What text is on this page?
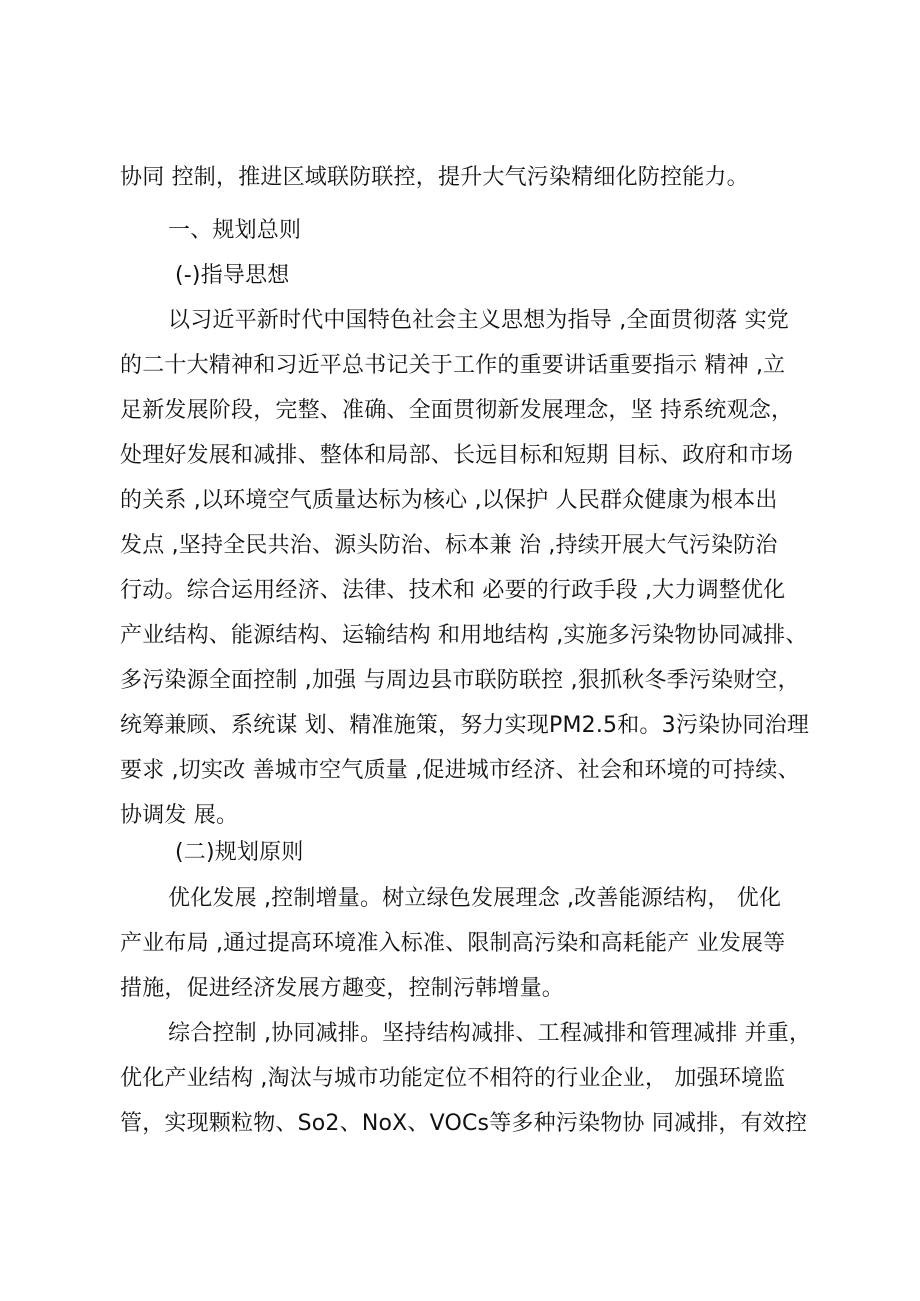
协同 控制，推进区域联防联控，提升大气污染精细化防控能力。
一、规划总则
(-)指导思想
以习近平新时代中国特色社会主义思想为指导 ,全面贯彻落 实党
的二十大精神和习近平总书记关于工作的重要讲话重要指示 精神 ,立
足新发展阶段，完整、准确、全面贯彻新发展理念，坚 持系统观念，
处理好发展和减排、整体和局部、长远目标和短期 目标、政府和市场
的关系 ,以环境空气质量达标为核心 ,以保护 人民群众健康为根本出
发点 ,坚持全民共治、源头防治、标本兼 治 ,持续开展大气污染防治
行动。综合运用经济、法律、技术和 必要的行政手段 ,大力调整优化
产业结构、能源结构、运输结构 和用地结构 ,实施多污染物协同减排、
多污染源全面控制 ,加强 与周边县市联防联控 ,狠抓秋冬季污染财空，
统筹兼顾、系统谋 划、精准施策，努力实现PM2.5和。3污染协同治理
要求 ,切实改 善城市空气质量 ,促进城市经济、社会和环境的可持续、
协调发 展。
(二)规划原则
优化发展 ,控制增量。树立绿色发展理念 ,改善能源结构， 优化
产业布局 ,通过提高环境准入标准、限制高污染和高耗能产 业发展等
措施，促进经济发展方趣变，控制污韩增量。
综合控制 ,协同减排。坚持结构减排、工程减排和管理减排 并重，
优化产业结构 ,淘汰与城市功能定位不相符的行业企业， 加强环境监
管，实现颗粒物、So2、NoX、VOCs等多种污染物协 同减排，有效控
